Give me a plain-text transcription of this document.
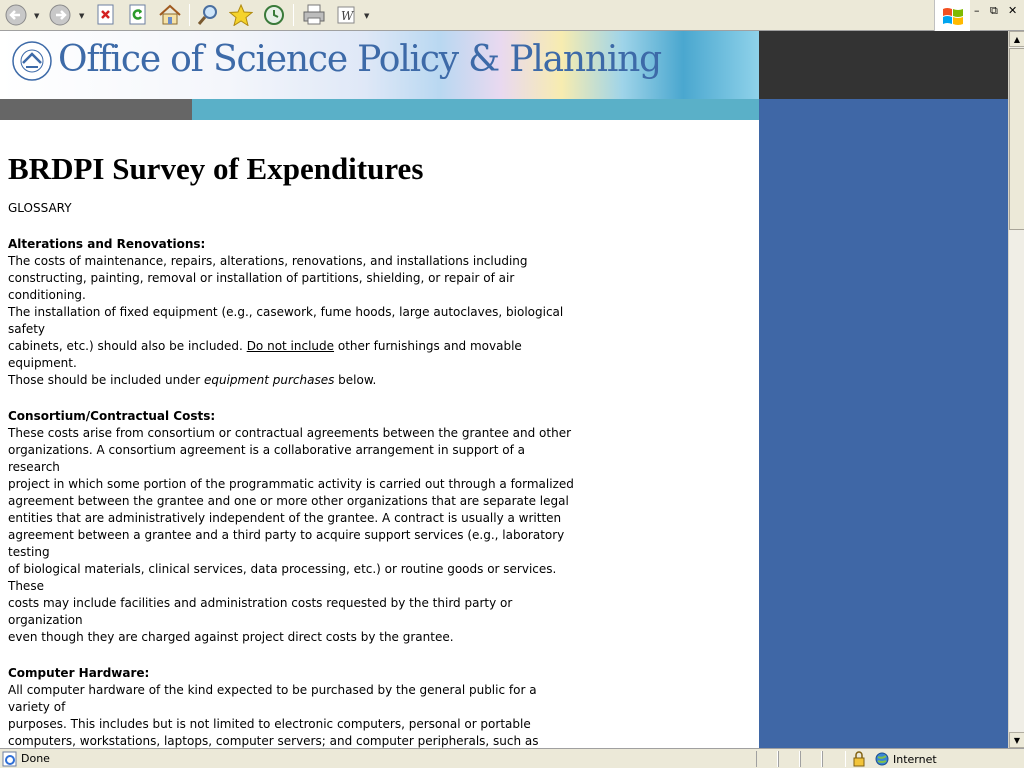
▼	▼	W ▼	– ⧉ ✕
Office of Science Policy & Planning
BRDPI Survey of Expenditures
GLOSSARY
Alterations and Renovations:
The costs of maintenance, repairs, alterations, renovations, and installations including
constructing, painting, removal or installation of partitions, shielding, or repair of air conditioning.
The installation of fixed equipment (e.g., casework, fume hoods, large autoclaves, biological safety
cabinets, etc.) should also be included. Do not include other furnishings and movable equipment.
Those should be included under equipment purchases below.
Consortium/Contractual Costs:
These costs arise from consortium or contractual agreements between the grantee and other
organizations. A consortium agreement is a collaborative arrangement in support of a research
project in which some portion of the programmatic activity is carried out through a formalized
agreement between the grantee and one or more other organizations that are separate legal
entities that are administratively independent of the grantee. A contract is usually a written
agreement between a grantee and a third party to acquire support services (e.g., laboratory testing
of biological materials, clinical services, data processing, etc.) or routine goods or services. These
costs may include facilities and administration costs requested by the third party or organization
even though they are charged against project direct costs by the grantee.
Computer Hardware:
All computer hardware of the kind expected to be purchased by the general public for a variety of
purposes. This includes but is not limited to electronic computers, personal or portable
computers, workstations, laptops, computer servers; and computer peripherals, such as
▲
▼
Done	Internet
